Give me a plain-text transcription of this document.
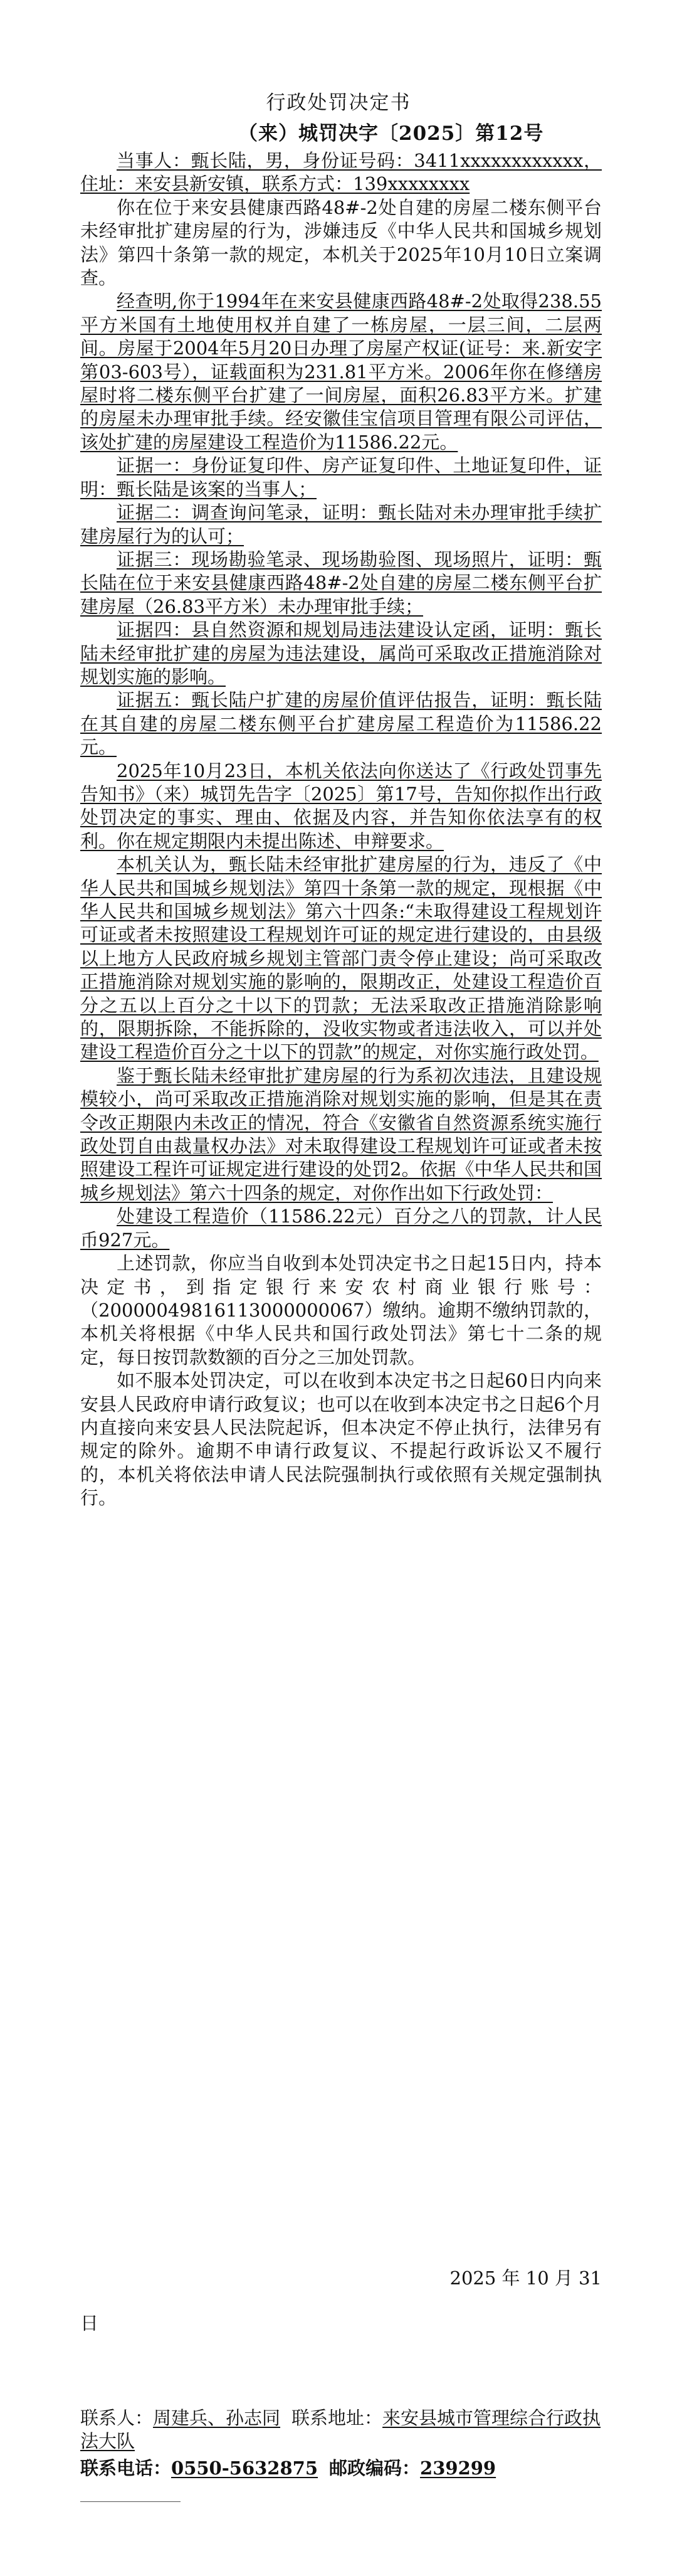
行政处罚决定书
（来）城罚决字〔2025〕第12号

当事人：甄长陆，男，身份证号码：3411xxxxxxxxxxxx，住址：来安县新安镇，联系方式：139xxxxxxxx

你在位于来安县健康西路48#-2处自建的房屋二楼东侧平台未经审批扩建房屋的行为，涉嫌违反《中华人民共和国城乡规划法》第四十条第一款的规定，本机关于2025年10月10日立案调查。

经查明,你于1994年在来安县健康西路48#-2处取得238.55平方米国有土地使用权并自建了一栋房屋，一层三间，二层两间。房屋于2004年5月20日办理了房屋产权证(证号：来.新安字第03-603号），证载面积为231.81平方米。2006年你在修缮房屋时将二楼东侧平台扩建了一间房屋，面积26.83平方米。扩建的房屋未办理审批手续。经安徽佳宝信项目管理有限公司评估，该处扩建的房屋建设工程造价为11586.22元。

证据一：身份证复印件、房产证复印件、土地证复印件，证明：甄长陆是该案的当事人；

证据二：调查询问笔录，证明：甄长陆对未办理审批手续扩建房屋行为的认可；

证据三：现场勘验笔录、现场勘验图、现场照片，证明：甄长陆在位于来安县健康西路48#-2处自建的房屋二楼东侧平台扩建房屋（26.83平方米）未办理审批手续；

证据四：县自然资源和规划局违法建设认定函，证明：甄长陆未经审批扩建的房屋为违法建设，属尚可采取改正措施消除对规划实施的影响。

证据五：甄长陆户扩建的房屋价值评估报告，证明：甄长陆在其自建的房屋二楼东侧平台扩建房屋工程造价为11586.22元。

2025年10月23日，本机关依法向你送达了《行政处罚事先告知书》（来）城罚先告字〔2025〕第17号，告知你拟作出行政处罚决定的事实、理由、依据及内容，并告知你依法享有的权利。你在规定期限内未提出陈述、申辩要求。

本机关认为，甄长陆未经审批扩建房屋的行为，违反了《中华人民共和国城乡规划法》第四十条第一款的规定，现根据《中华人民共和国城乡规划法》第六十四条:“未取得建设工程规划许可证或者未按照建设工程规划许可证的规定进行建设的，由县级以上地方人民政府城乡规划主管部门责令停止建设；尚可采取改正措施消除对规划实施的影响的，限期改正，处建设工程造价百分之五以上百分之十以下的罚款；无法采取改正措施消除影响的，限期拆除，不能拆除的，没收实物或者违法收入，可以并处建设工程造价百分之十以下的罚款”的规定，对你实施行政处罚。

鉴于甄长陆未经审批扩建房屋的行为系初次违法，且建设规模较小，尚可采取改正措施消除对规划实施的影响，但是其在责令改正期限内未改正的情况，符合《安徽省自然资源系统实施行政处罚自由裁量权办法》对未取得建设工程规划许可证或者未按照建设工程许可证规定进行建设的处罚2。依据《中华人民共和国城乡规划法》第六十四条的规定，对你作出如下行政处罚：

处建设工程造价（11586.22元）百分之八的罚款，计人民币927元。

上述罚款，你应当自收到本处罚决定书之日起15日内，持本决定书，到指定银行来安农村商业银行账号：（20000049816113000000067）缴纳。逾期不缴纳罚款的，本机关将根据《中华人民共和国行政处罚法》第七十二条的规定，每日按罚款数额的百分之三加处罚款。

如不服本处罚决定，可以在收到本决定书之日起60日内向来安县人民政府申请行政复议；也可以在收到本决定书之日起6个月内直接向来安县人民法院起诉，但本决定不停止执行，法律另有规定的除外。逾期不申请行政复议、不提起行政诉讼又不履行的，本机关将依法申请人民法院强制执行或依照有关规定强制执行。

2025 年 10 月 31
日
联系人：周建兵、孙志同 联系地址：来安县城市管理综合行政执法大队
联系电话：0550-5632875 邮政编码：239299
